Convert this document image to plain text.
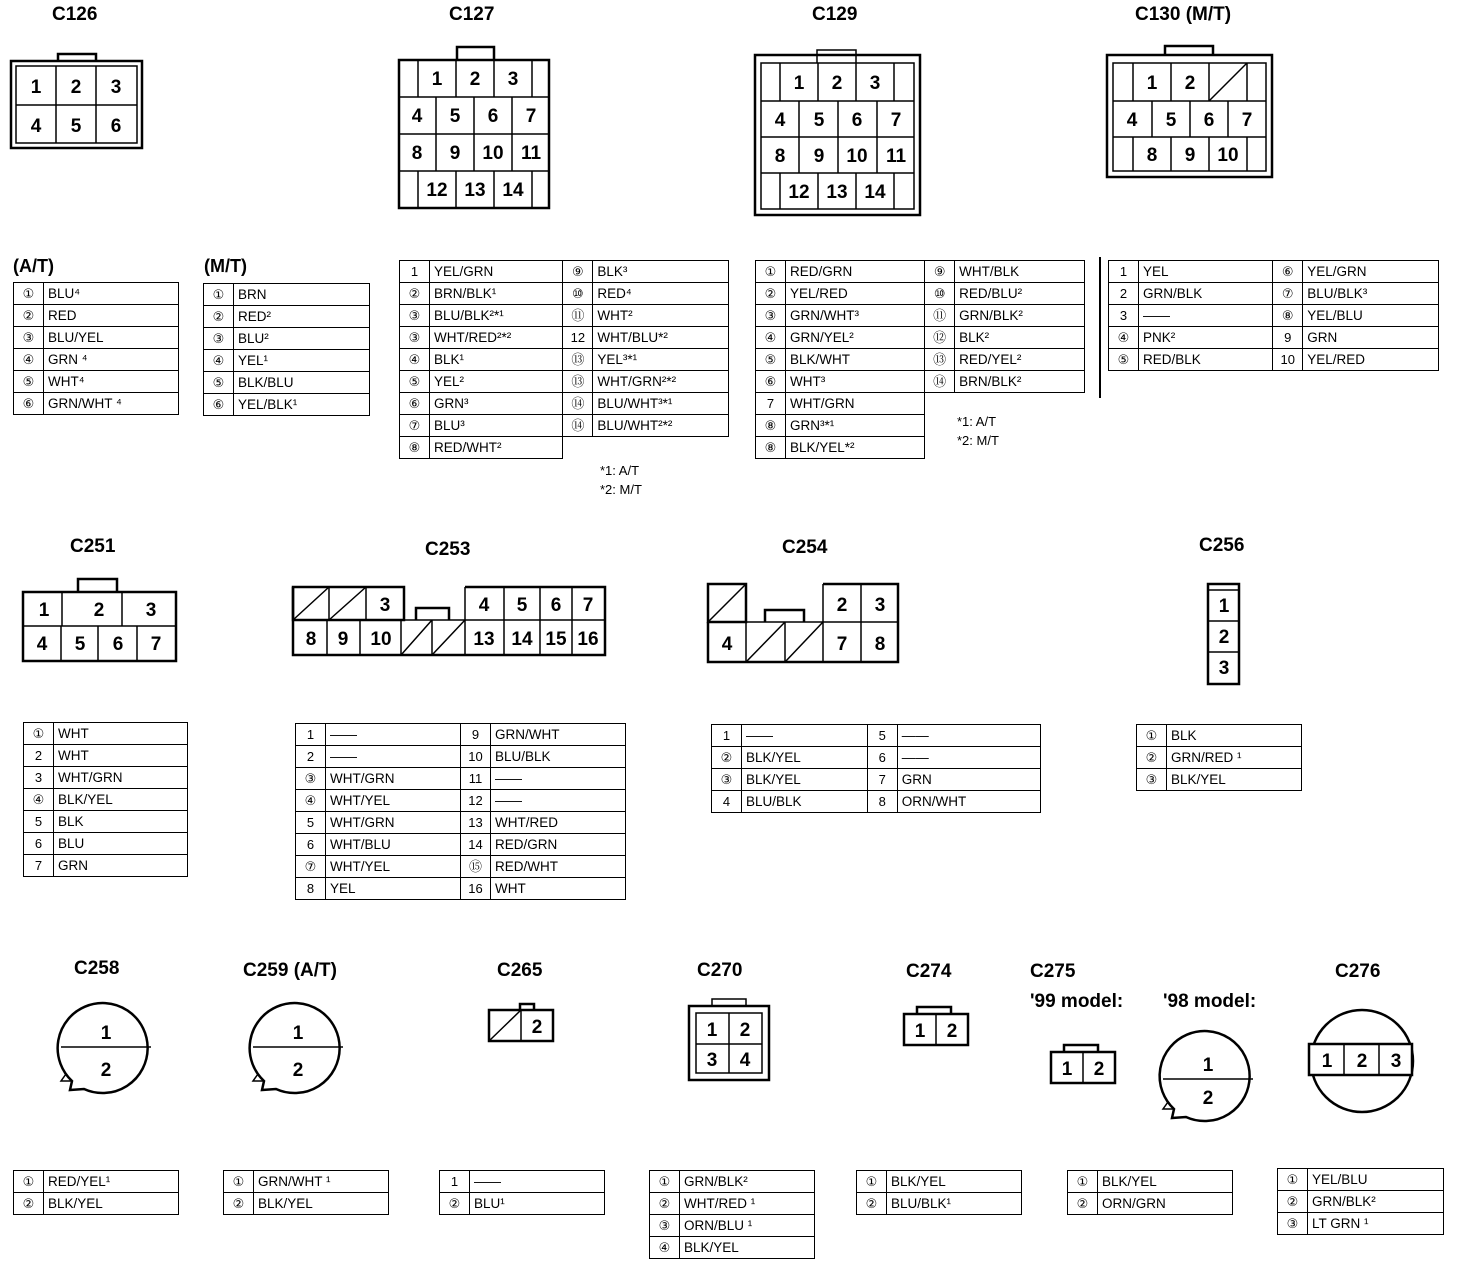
C126	C127	C129	C130 (M/T)
C251	C253	C254	C256
C258	C259 (A/T)	C265	C270	C274	C275
'99 model: '98 model:
C276
1 2 3
4 5 6
1 2 3
4 5 6 7
8 9 10 11
12 13 14
1 2 3
4 5 6 7
8 9 10 11
12 13 14
1 2
4 5 6 7
8 9 10
1 2 3
4 5 6 7
3	4 5 6 7
8 9 10	13 14 15 16
2 3
4	7 8
1
2
3
1
2
1
2
2	1 2
3 4
1 2
1 2	1
2
1 2 3
(A/T)	(M/T)
①	BLU⁴
②	RED
③	BLU/YEL
④	GRN ⁴
⑤	WHT⁴
⑥	GRN/WHT ⁴
①	BRN
②	RED²
③	BLU²
④	YEL¹
⑤	BLK/BLU
⑥	YEL/BLK¹
1	YEL/GRN	⑨	BLK³
②	BRN/BLK¹	⑩	RED⁴
③	BLU/BLK²*¹	⑪	WHT²
③	WHT/RED²*²	12	WHT/BLU*²
④	BLK¹	⑬	YEL³*¹
⑤	YEL²	⑬	WHT/GRN²*²
⑥	GRN³	⑭	BLU/WHT³*¹
⑦	BLU³	⑭	BLU/WHT²*²
⑧	RED/WHT²		
*1: A/T
*2: M/T
①	RED/GRN	⑨	WHT/BLK
②	YEL/RED	⑩	RED/BLU²
③	GRN/WHT³	⑪	GRN/BLK²
④	GRN/YEL²	⑫	BLK²
⑤	BLK/WHT	⑬	RED/YEL²
⑥	WHT³	⑭	BRN/BLK²
7	WHT/GRN		
⑧	GRN³*¹		
⑧	BLK/YEL*²		
*1: A/T
*2: M/T
1	YEL	⑥	YEL/GRN
2	GRN/BLK	⑦	BLU/BLK³
3	——	⑧	YEL/BLU
④	PNK²	9	GRN
⑤	RED/BLK	10	YEL/RED
①	WHT
2	WHT
3	WHT/GRN
④	BLK/YEL
5	BLK
6	BLU
7	GRN
1	——	9	GRN/WHT
2	——	10	BLU/BLK
③	WHT/GRN	11	——
④	WHT/YEL	12	——
5	WHT/GRN	13	WHT/RED
6	WHT/BLU	14	RED/GRN
⑦	WHT/YEL	⑮	RED/WHT
8	YEL	16	WHT
1	——	5	——
②	BLK/YEL	6	——
③	BLK/YEL	7	GRN
4	BLU/BLK	8	ORN/WHT
①	BLK
②	GRN/RED ¹
③	BLK/YEL
①	RED/YEL¹
②	BLK/YEL
①	GRN/WHT ¹
②	BLK/YEL
1	——
②	BLU¹
①	GRN/BLK²
②	WHT/RED ¹
③	ORN/BLU ¹
④	BLK/YEL
①	BLK/YEL
②	BLU/BLK¹
①	BLK/YEL
②	ORN/GRN
①	YEL/BLU
②	GRN/BLK²
③	LT GRN ¹
